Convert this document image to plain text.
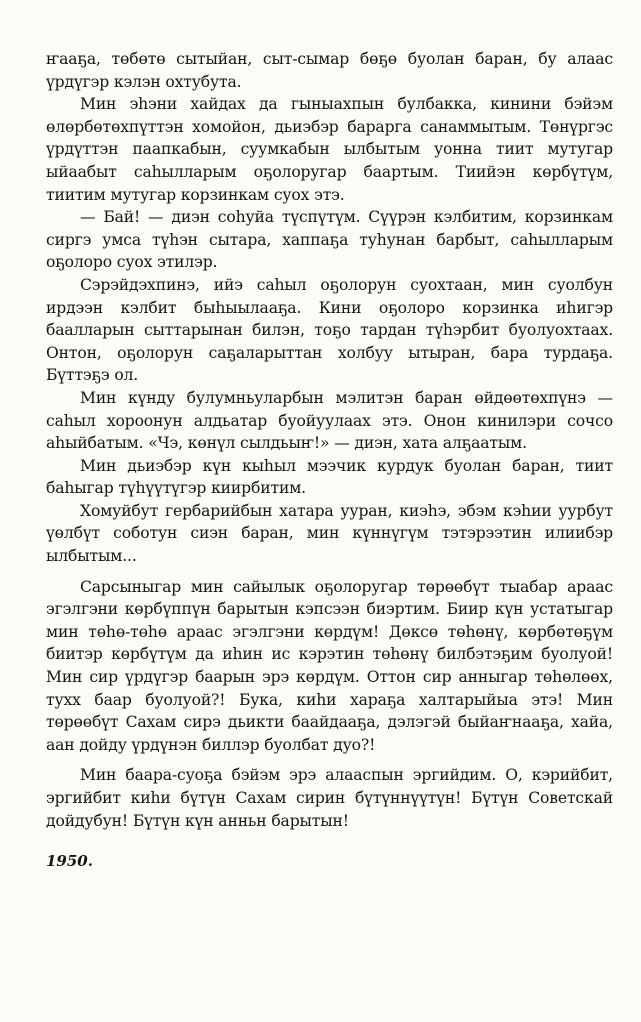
ҥааҕа, төбөтө сытыйан, сыт-сымар бөҕө буолан баран, бу алаас үрдүгэр кэлэн охтубута.

Мин эһэни хайдах да гыныахпын булбакка, кинини бэйэм өлөрбөтөхпүттэн хомойон, дьиэбэр бараргa санаммытым. Төнүргэс үрдүттэн паапкабын, суумкабын ылбытым уонна тиит мутугар ыйаабыт саһылларым оҕолоругар баартым. Тиийэн көрбүтүм, тиитим мутугар корзинкам суох этэ.

— Бай! — диэн соһуйа түспүтүм. Сүүрэн кэлбитим, корзинкам сиргэ умса түһэн сытара, хаппаҕа туһунан барбыт, саһылларым оҕолоро суох этилэр.

Сэрэйдэхпинэ, ийэ саһыл оҕолорун суохтаан, мин суолбун ирдээн кэлбит быһыылааҕа. Кини оҕолоро корзинка иһигэр баалларын сыттарынан билэн, тоҕо тардан түһэрбит буолуохтаах. Онтон, оҕолорун саҕаларыттан холбуу ытыран, бара турдаҕа. Бүттэҕэ ол.

Мин күнду булумньуларбын мэлитэн баран өйдөөтөхпүнэ — саһыл хороонун алдьатар буойуулаах этэ. Онон кинилэри сочcо аһыйбатым. «Чэ, көнүл сылдьыҥ!» — диэн, хата алҕаатым.

Мин дьиэбэр күн кыһыл мээчик курдук буолан баран, тиит баһыгар түһүүтүгэр киирбитим.

Хомуйбут гербарийбын хатара ууран, киэһэ, эбэм кэһии уурбут үөлбүт соботун сиэн баран, мин күннүгүм тэтэрээтин илиибэр ылбытым...

Сарсыныгар мин сайылык оҕолоругар төрөөбүт тыабар араас эгэлгэни көрбүппүн барытын кэпсээн биэртим. Биир күн устатыгар мин төһө-төһө араас эгэлгэни көрдүм! Дөксө төһөнү, көрбөтөҕүм биитэр көрбүтүм да иһин ис кэрэтин төһөнү билбэтэҕим буолуой! Мин сир үрдүгэр баарын эрэ көрдүм. Оттон сир анныгар төһөлөөх, тухх баар буолуой?! Бука, киһи хараҕа халтарыйыа этэ! Мин төрөөбүт Сахам сирэ дьикти баайдааҕа, дэлэгэй быйаҥнааҕа, хайа, аан дойду үрдүнэн биллэр буолбат дуо?!

Мин баара-суоҕа бэйэм эрэ алааспын эргийдим. О, кэрийбит, эргийбит киһи бүтүн Сахам сирин бүтүннүүтүн! Бүтүн Советскай дойдубун! Бүтүн күн анньн барытын!

1950.
